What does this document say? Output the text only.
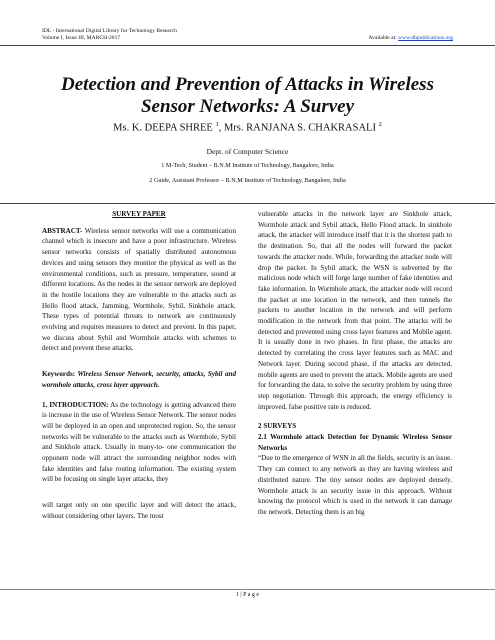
IDL - International Digital Library for Technology Research
Volume I, Issue III, MARCH-2017	Available at: www.dbpublications.org
Detection and Prevention of Attacks in Wireless
Sensor Networks: A Survey
Ms. K. DEEPA SHREE $^1$, Mrs. RANJANA S. CHAKRASALI $^2$
Dept. of Computer Science
1 M-Tech, Student – B.N.M Institute of Technology, Bangalore, India
2 Guide, Assistant Professor – B.N.M Institute of Technology, Bangalore, India

SURVEY PAPER

ABSTRACT- Wireless sensor networks will use a communication channel which is insecure and have a poor infrastructure. Wireless sensor networks consists of spatially distributed autonomous devices and using sensors they monitor the physical as well as the environmental conditions, such as pressure, temperature, sound at different locations. As the nodes in the sensor network are deployed in the hostile locations they are vulnerable to the attacks such as Hello flood attack, Jamming, Wormhole, Sybil, Sinkhole attack. These types of potential threats to network are continuously evolving and requires measures to detect and prevent. In this paper, we discuss about Sybil and Wormhole attacks with schemes to detect and prevent these attacks.

Keywords: Wireless Sensor Network, security, attacks, Sybil and wormhole attacks, cross layer approach.

1. INTRODUCTION: As the technology is getting advanced there is increase in the use of Wireless Sensor Network. The sensor nodes will be deployed in an open and unprotected region. So, the sensor networks will be vulnerable to the attacks such as Wormhole, Sybil and Sinkhole attack. Usually in many-to- one communication the opponent node will attract the surrounding neighbor nodes with fake identities and false routing information. The existing system will be focusing on single layer attacks, they

will target only on one specific layer and will detect the attack, without considering other layers. The most

vulnerable attacks in the network layer are Sinkhole attack, Wormhole attack and Sybil attack, Hello Flood attack. In sinkhole attack, the attacker will introduce itself that it is the shortest path to the destination. So, that all the nodes will forward the packet towards the attacker node. While, forwarding the attacker node will drop the packet. In Sybil attack, the WSN is subverted by the malicious node which will forge large number of fake identities and fake information. In Wormhole attack, the attacker node will record the packet at one location in the network, and then tunnels the packets to another location in the network and will perform modification in the network from that point. The attacks will be detected and prevented using cross layer features and Mobile agent. It is usually done in two phases. In first phase, the attacks are detected by correlating the cross layer features such as MAC and Network layer. During second phase, if the attacks are detected, mobile agents are used to prevent the attack. Mobile agents are used for forwarding the data, to solve the security problem by using three step negotiation. Through this approach, the energy efficiency is improved, false positive rate is reduced.

2 SURVEYS

2.1 Wormhole attack Detection for Dynamic Wireless Sensor Networks

“Due to the emergence of WSN in all the fields, security is an issue. They can connect to any network as they are having wireless and distributed nature. The tiny sensor nodes are deployed densely. Wormhole attack is an security issue in this approach. Without knowing the protocol which is used in the network it can damage the network. Detecting them is an big

1 | P a g e
